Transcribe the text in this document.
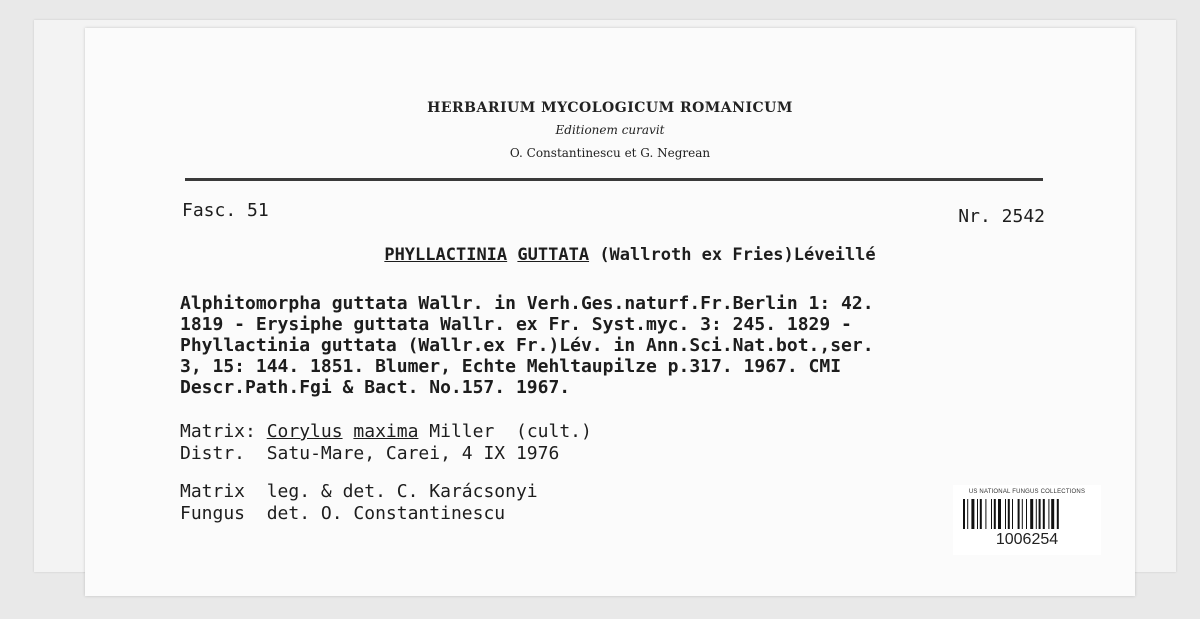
HERBARIUM MYCOLOGICUM ROMANICUM
Editionem curavit
O. Constantinescu et G. Negrean
Fasc. 51	Nr. 2542
PHYLLACTINIA GUTTATA (Wallroth ex Fries)Léveillé
Alphitomorpha guttata Wallr. in Verh.Ges.naturf.Fr.Berlin 1: 42.
1819 - Erysiphe guttata Wallr. ex Fr. Syst.myc. 3: 245. 1829 -
Phyllactinia guttata (Wallr.ex Fr.)Lév. in Ann.Sci.Nat.bot.,ser.
3, 15: 144. 1851. Blumer, Echte Mehltaupilze p.317. 1967. CMI
Descr.Path.Fgi & Bact. No.157. 1967.
Matrix: Corylus maxima Miller  (cult.)
Distr. Satu-Mare, Carei, 4 IX 1976
Matrix leg. & det. C. Karácsonyi
Fungus det. O. Constantinescu
US NATIONAL FUNGUS COLLECTIONS
1006254
